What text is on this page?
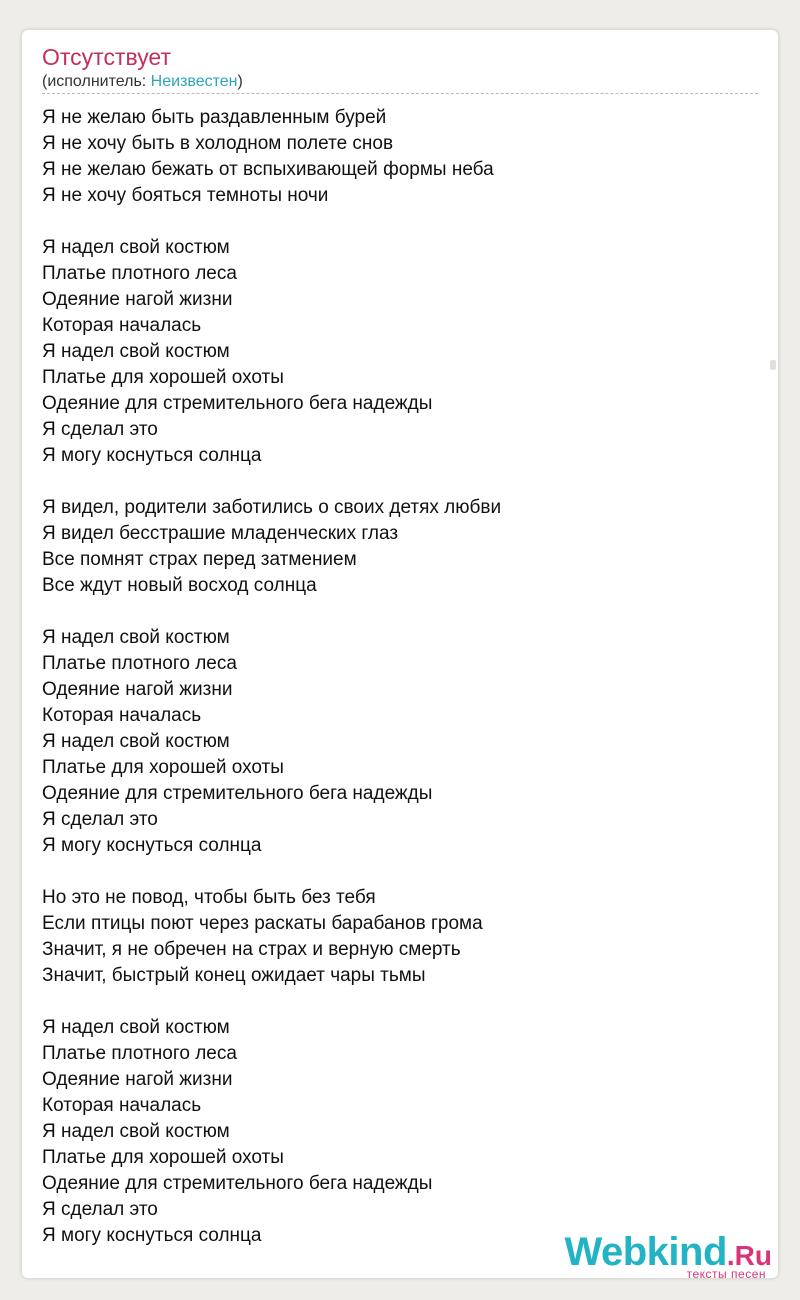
Отсутствует
(исполнитель: Неизвестен)
Я не желаю быть раздавленным бурей
Я не хочу быть в холодном полете снов
Я не желаю бежать от вспыхивающей формы неба
Я не хочу бояться темноты ночи
Я надел свой костюм
Платье плотного леса
Одеяние нагой жизни
Которая началась
Я надел свой костюм
Платье для хорошей охоты
Одеяние для стремительного бега надежды
Я сделал это
Я могу коснуться солнца
Я видел, родители заботились о своих детях любви
Я видел бесстрашие младенческих глаз
Все помнят страх перед затмением
Все ждут новый восход солнца
Я надел свой костюм
Платье плотного леса
Одеяние нагой жизни
Которая началась
Я надел свой костюм
Платье для хорошей охоты
Одеяние для стремительного бега надежды
Я сделал это
Я могу коснуться солнца
Но это не повод, чтобы быть без тебя
Если птицы поют через раскаты барабанов грома
Значит, я не обречен на страх и верную смерть
Значит, быстрый конец ожидает чары тьмы
Я надел свой костюм
Платье плотного леса
Одеяние нагой жизни
Которая началась
Я надел свой костюм
Платье для хорошей охоты
Одеяние для стремительного бега надежды
Я сделал это
Я могу коснуться солнца	Webkind.Ru
тексты песен
